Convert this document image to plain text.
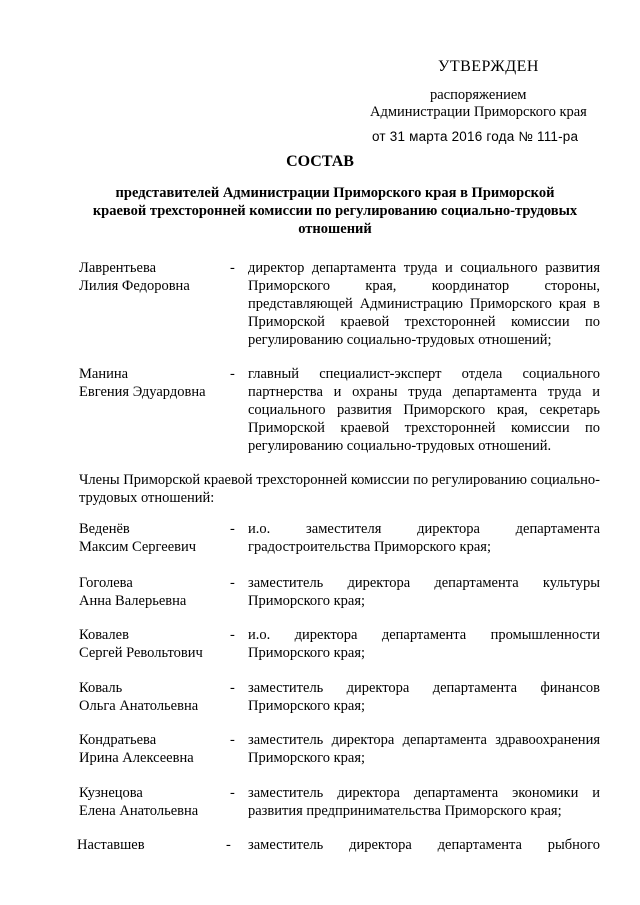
УТВЕРЖДЕН
распоряжением
Администрации Приморского края
от 31 марта 2016 года № 111-ра
СОСТАВ
представителей Администрации Приморского края в Приморской краевой трехсторонней комиссии по регулированию социально-трудовых отношений
Лаврентьева
Лилия Федоровна
- директор департамента труда и социального развития Приморского края, координатор стороны, представляющей Администрацию Приморского края в Приморской краевой трехсторонней комиссии по регулированию социально-трудовых отношений;
Манина
Евгения Эдуардовна
- главный специалист-эксперт отдела социального партнерства и охраны труда департамента труда и социального развития Приморского края, секретарь Приморской краевой трехсторонней комиссии по регулированию социально-трудовых отношений.
Члены Приморской краевой трехсторонней комиссии по регулированию социально-трудовых отношений:
Веденёв
Максим Сергеевич
- и.о. заместителя директора департамента градостроительства Приморского края;
Гоголева
Анна Валерьевна
- заместитель директора департамента культуры Приморского края;
Ковалев
Сергей Револьтович
- и.о. директора департамента промышленности Приморского края;
Коваль
Ольга Анатольевна
- заместитель директора департамента финансов Приморского края;
Кондратьева
Ирина Алексеевна
- заместитель директора департамента здравоохранения Приморского края;
Кузнецова
Елена Анатольевна
- заместитель директора департамента экономики и развития предпринимательства Приморского края;
Наставшев	- заместитель директора департамента рыбного
